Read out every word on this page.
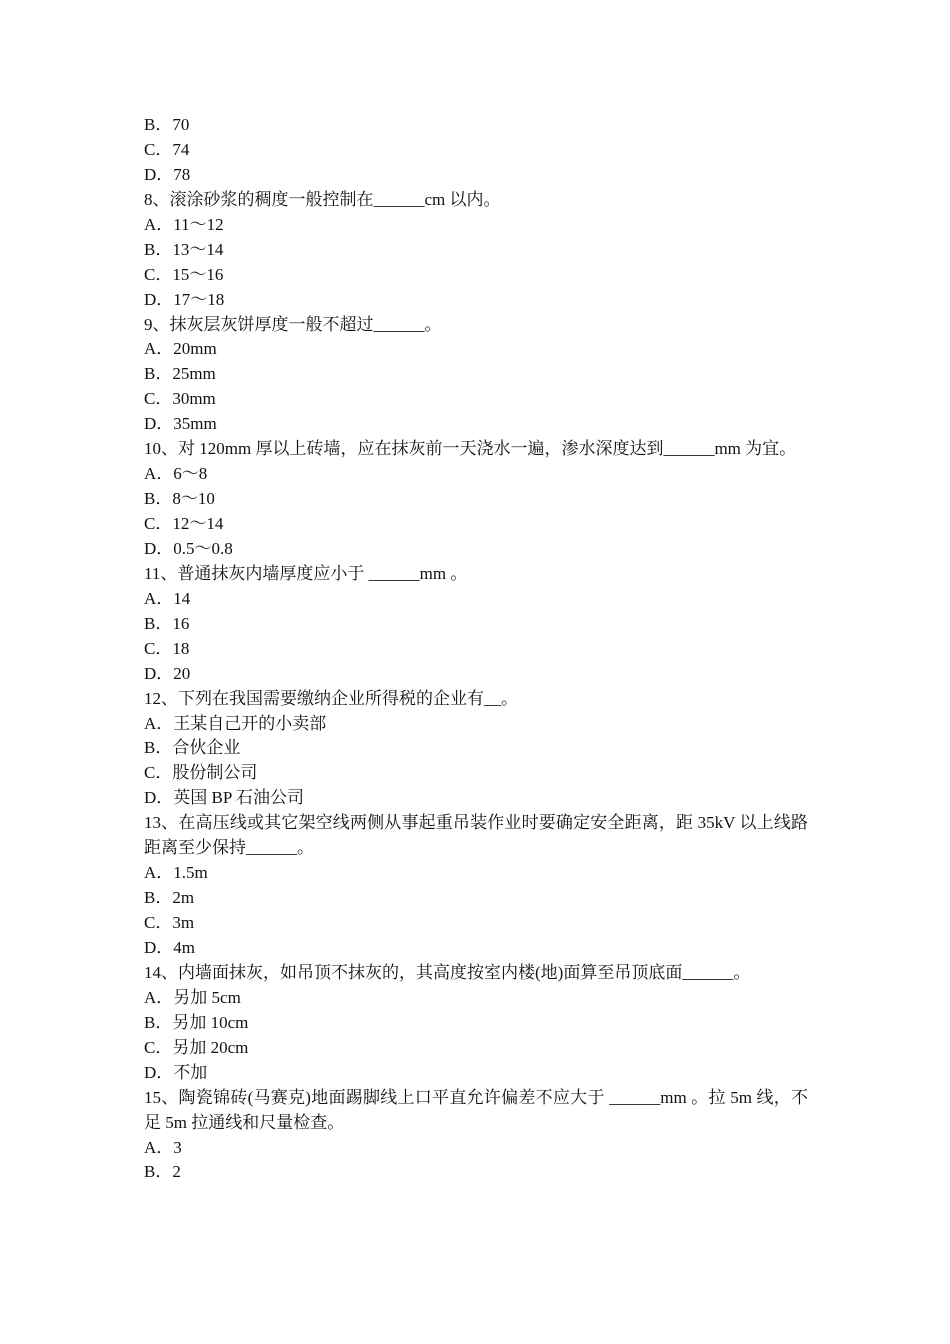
B．70
C．74
D．78
8、滚涂砂浆的稠度一般控制在______cm 以内。
A．11～12
B．13～14
C．15～16
D．17～18
9、抹灰层灰饼厚度一般不超过______。
A．20mm
B．25mm
C．30mm
D．35mm
10、对 120mm 厚以上砖墙，应在抹灰前一天浇水一遍，渗水深度达到______mm 为宜。
A．6～8
B．8～10
C．12～14
D．0.5～0.8
11、普通抹灰内墙厚度应小于 ______mm 。
A．14
B．16
C．18
D．20
12、下列在我国需要缴纳企业所得税的企业有__。
A．王某自己开的小卖部
B．合伙企业
C．股份制公司
D．英国 BP 石油公司
13、在高压线或其它架空线两侧从事起重吊装作业时要确定安全距离，距 35kV 以上线路距离至少保持______。
A．1.5m
B．2m
C．3m
D．4m
14、内墙面抹灰，如吊顶不抹灰的，其高度按室内楼(地)面算至吊顶底面______。
A．另加 5cm
B．另加 10cm
C．另加 20cm
D．不加
15、陶瓷锦砖(马赛克)地面踢脚线上口平直允许偏差不应大于 ______mm 。拉 5m 线，不足 5m 拉通线和尺量检查。
A．3
B．2
